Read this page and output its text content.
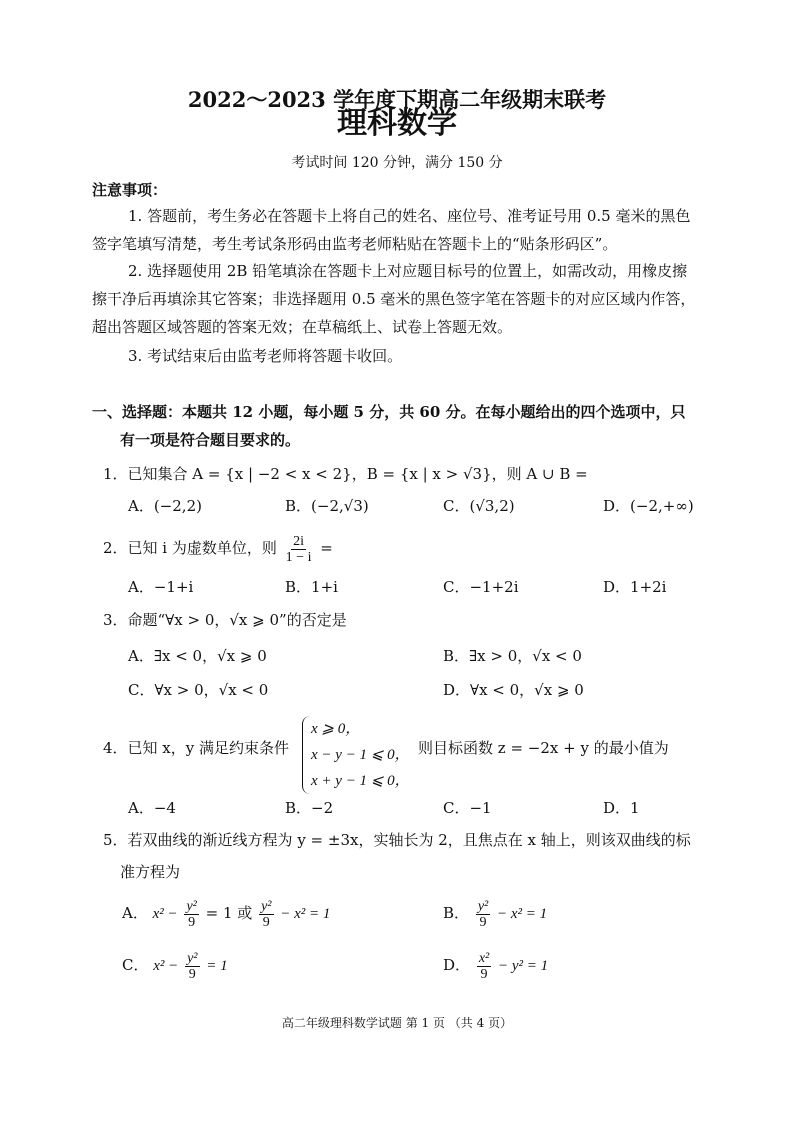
2022～2023 学年度下期高二年级期末联考
理科数学
考试时间 120 分钟，满分 150 分
注意事项：
1. 答题前，考生务必在答题卡上将自己的姓名、座位号、准考证号用 0.5 毫米的黑色
签字笔填写清楚，考生考试条形码由监考老师粘贴在答题卡上的“贴条形码区”。
2. 选择题使用 2B 铅笔填涂在答题卡上对应题目标号的位置上，如需改动，用橡皮擦
擦干净后再填涂其它答案；非选择题用 0.5 毫米的黑色签字笔在答题卡的对应区域内作答，
超出答题区域答题的答案无效；在草稿纸上、试卷上答题无效。
3. 考试结束后由监考老师将答题卡收回。
一、选择题：本题共 12 小题，每小题 5 分，共 60 分。在每小题给出的四个选项中，只
有一项是符合题目要求的。
1．已知集合 A = {x | −2 < x < 2}，B = {x | x > √3}，则 A ∪ B =
A．(−2,2)	B．(−2,√3)	C．(√3,2)	D．(−2,+∞)
2．已知 i 为虚数单位，则 $\frac{2i}{1 - i}$ =
A．−1+i	B．1+i	C．−1+2i	D．1+2i
3．命题“∀x > 0，√x ⩾ 0”的否定是
A．∃x < 0，√x ⩾ 0	B．∃x > 0，√x < 0
C．∀x > 0，√x < 0	D．∀x < 0，√x ⩾ 0
4．已知 x，y 满足约束条件
x ⩾ 0，
x − y − 1 ⩽ 0，
x + y − 1 ⩽ 0，
则目标函数 z = −2x + y 的最小值为
A．−4	B．−2	C．−1	D．1
5．若双曲线的渐近线方程为 y = ±3x，实轴长为 2，且焦点在 x 轴上，则该双曲线的标
准方程为
A． $x^2 - \frac{\text{y²}}{9} = 1$ 或 $\frac{\text{y²}}{9} - x^2 = 1$	B． $\frac{\text{y²}}{9} - x^2 = 1$
C． $x^2 - \frac{\text{y²}}{9} = 1$	D． $\frac{\text{x²}}{9} - y^2 = 1$
高二年级理科数学试题 第 1 页 （共 4 页）
